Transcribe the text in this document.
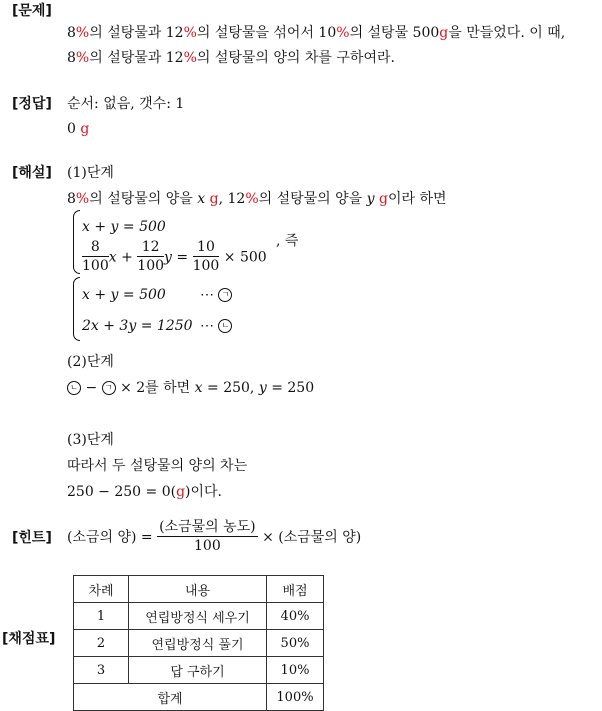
[문제]
8%의 설탕물과 12%의 설탕물을 섞어서 10%의 설탕물 500g을 만들었다. 이 때,
8%의 설탕물과 12%의 설탕물의 양의 차를 구하여라.
[정답] 순서: 없음, 갯수: 1
0 g
[해설] (1)단계
8%의 설탕물의 양을 x g, 12%의 설탕물의 양을 y g이라 하면
x + y = 500
$\frac{8}{100}$ $x + \frac{12}{100}$ $y = \frac{10}{100} \times 500$
, 즉
x + y = 500 ⋯ ㄱ
2x + 3y = 1250 ⋯ ㄴ
(2)단계
ㄴ − ㄱ × 2를 하면 x = 250, y = 250
(3)단계
따라서 두 설탕물의 양의 차는
250 − 250 = 0(g)이다.
[힌트] (소금의 양) = $\frac{\text{(소금물의 농도)}}{100}$ × (소금물의 양)
[채점표]
차례	내용	배점
1	연립방정식 세우기	40%
2	연립방정식 풀기	50%
3	답 구하기	10%
합계		100%
